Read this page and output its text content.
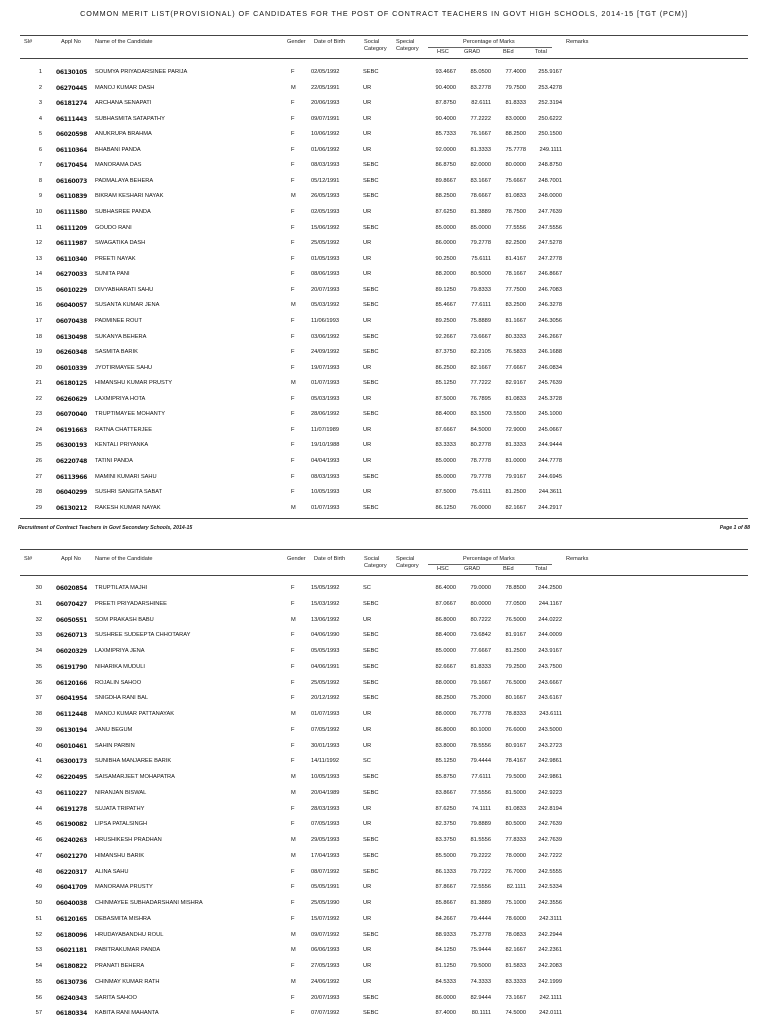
COMMON MERIT LIST(PROVISIONAL) OF CANDIDATES FOR THE POST OF CONTRACT TEACHERS IN GOVT HIGH SCHOOLS, 2014-15 [TGT (PCM)]
Sl#	Appl No	Name of the Candidate	Gender Date of Birth	Social
Category
Special
Category
Percentage of Marks
HSC	GRAD	BEd	Total
Remarks
1 06130105 SOUMYA PRIYADARSINEE PARIJA	F	02/05/1992	SEBC	93.4667	85.0500	77.4000	255.9167
2 06270445 MANOJ KUMAR DASH	M	22/05/1991	UR	90.4000	83.2778	79.7500	253.4278
3 06181274 ARCHANA SENAPATI	F	20/06/1993	UR	87.8750	82.6111	81.8333	252.3194
4 06111443 SUBHASMITA SATAPATHY	F	09/07/1991	UR	90.4000	77.2222	83.0000	250.6222
5 06020598 ANUKRUPA BRAHMA	F	10/06/1992	UR	85.7333	76.1667	88.2500	250.1500
6 06110364 BHABANI PANDA	F	01/06/1992	UR	92.0000	81.3333	75.7778	249.1111
7 06170454 MANORAMA DAS	F	08/03/1993	SEBC	86.8750	82.0000	80.0000	248.8750
8 06160073 PADMALAYA BEHERA	F	05/12/1991	SEBC	89.8667	83.1667	75.6667	248.7001
9 06110839 BIKRAM KESHARI NAYAK	M	26/05/1993	SEBC	88.2500	78.6667	81.0833	248.0000
10 06111580 SUBHASREE PANDA	F	02/05/1993	UR	87.6250	81.3889	78.7500	247.7639
11 06111209 GOUDO RANI	F	15/06/1992	SEBC	85.0000	85.0000	77.5556	247.5556
12 06111987 SWAGATIKA DASH	F	25/05/1992	UR	86.0000	79.2778	82.2500	247.5278
13 06110340 PREETI NAYAK	F	01/05/1993	UR	90.2500	75.6111	81.4167	247.2778
14 06270033 SUNITA PANI	F	08/06/1993	UR	88.2000	80.5000	78.1667	246.8667
15 06010229 DIVYABHARATI SAHU	F	20/07/1993	SEBC	89.1250	79.8333	77.7500	246.7083
16 06040057 SUSANTA KUMAR JENA	M	05/03/1992	SEBC	85.4667	77.6111	83.2500	246.3278
17 06070438 PADMINEE ROUT	F	11/06/1993	UR	89.2500	75.8889	81.1667	246.3056
18 06130498 SUKANYA BEHERA	F	03/06/1992	SEBC	92.2667	73.6667	80.3333	246.2667
19 06260348 SASMITA BARIK	F	24/09/1992	SEBC	87.3750	82.2105	76.5833	246.1688
20 06010339 JYOTIRMAYEE SAHU	F	19/07/1993	UR	86.2500	82.1667	77.6667	246.0834
21 06180125 HIMANSHU KUMAR PRUSTY	M	01/07/1993	SEBC	85.1250	77.7222	82.9167	245.7639
22 06260629 LAXMIPRIYA HOTA	F	05/03/1993	UR	87.5000	76.7895	81.0833	245.3728
23 06070040 TRUPTIMAYEE MOHANTY	F	28/06/1992	SEBC	88.4000	83.1500	73.5500	245.1000
24 06191663 RATNA CHATTERJEE	F	11/07/1989	UR	87.6667	84.5000	72.9000	245.0667
25 06300193 KENTALI PRIYANKA	F	19/10/1988	UR	83.3333	80.2778	81.3333	244.9444
26 06220748 TATINI PANDA	F	04/04/1993	UR	85.0000	78.7778	81.0000	244.7778
27 06113966 MAMINI KUMARI SAHU	F	08/03/1993	SEBC	85.0000	79.7778	79.9167	244.6945
28 06040299 SUSHRI SANGITA SABAT	F	10/05/1993	UR	87.5000	75.6111	81.2500	244.3611
29 06130212 RAKESH KUMAR NAYAK	M	01/07/1993	SEBC	86.1250	76.0000	82.1667	244.2917
Recruitment of Contract Teachers in Govt Secondary Schools, 2014-15	Page 1 of 88
Sl#	Appl No	Name of the Candidate	Gender Date of Birth	Social
Category
Special
Category
Percentage of Marks
HSC	GRAD	BEd	Total
Remarks
30 06020854 TRUPTILATA MAJHI	F	15/05/1992	SC	86.4000	79.0000	78.8500	244.2500
31 06070427 PREETI PRIYADARSHINEE	F	15/03/1992	SEBC	87.0667	80.0000	77.0500	244.1167
32 06050551 SOM PRAKASH BABU	M	13/06/1992	UR	86.8000	80.7222	76.5000	244.0222
33 06260713 SUSHREE SUDEEPTA CHHOTARAY	F	04/06/1990	SEBC	88.4000	73.6842	81.9167	244.0009
34 06020329 LAXMIPRIYA JENA	F	05/05/1993	SEBC	85.0000	77.6667	81.2500	243.9167
35 06191790 NIHARIKA MUDULI	F	04/06/1991	SEBC	82.6667	81.8333	79.2500	243.7500
36 06120166 ROJALIN SAHOO	F	25/05/1992	SEBC	88.0000	79.1667	76.5000	243.6667
37 06041954 SNIGDHA RANI BAL	F	20/12/1992	SEBC	88.2500	75.2000	80.1667	243.6167
38 06112448 MANOJ KUMAR PATTANAYAK	M	01/07/1993	UR	88.0000	76.7778	78.8333	243.6111
39 06130194 JANU BEGUM	F	07/05/1992	UR	86.8000	80.1000	76.6000	243.5000
40 06010461 SAHIN PARBIN	F	30/01/1993	UR	83.8000	78.5556	80.9167	243.2723
41 06300173 SUNIBHA MANJAREE BARIK	F	14/11/1992	SC	85.1250	79.4444	78.4167	242.9861
42 06220495 SAISAMARJEET MOHAPATRA	M	10/05/1993	SEBC	85.8750	77.6111	79.5000	242.9861
43 06110227 NIRANJAN BISWAL	M	20/04/1989	SEBC	83.8667	77.5556	81.5000	242.9223
44 06191278 SUJATA TRIPATHY	F	28/03/1993	UR	87.6250	74.1111	81.0833	242.8194
45 06190082 LIPSA PATALSINGH	F	07/05/1993	UR	82.3750	79.8889	80.5000	242.7639
46 06240263 HRUSHIKESH PRADHAN	M	29/05/1993	SEBC	83.3750	81.5556	77.8333	242.7639
47 06021270 HIMANSHU BARIK	M	17/04/1993	SEBC	85.5000	79.2222	78.0000	242.7222
48 06220317 ALINA SAHU	F	08/07/1992	SEBC	86.1333	79.7222	76.7000	242.5555
49 06041709 MANORAMA PRUSTY	F	05/05/1991	UR	87.8667	72.5556	82.1111	242.5334
50 06040038 CHINMAYEE SUBHADARSHANI MISHRA	F	25/05/1990	UR	85.8667	81.3889	75.1000	242.3556
51 06120165 DEBASMITA MISHRA	F	15/07/1992	UR	84.2667	79.4444	78.6000	242.3111
52 06180096 HRUDAYABANDHU ROUL	M	09/07/1992	SEBC	88.9333	75.2778	78.0833	242.2944
53 06021181 PABITRAKUMAR PANDA	M	06/06/1993	UR	84.1250	75.9444	82.1667	242.2361
54 06180822 PRANATI BEHERA	F	27/05/1993	UR	81.1250	79.5000	81.5833	242.2083
55 06130736 CHINMAY KUMAR RATH	M	24/06/1992	UR	84.5333	74.3333	83.3333	242.1999
56 06240343 SARITA SAHOO	F	20/07/1993	SEBC	86.0000	82.9444	73.1667	242.1111
57 06180334 KABITA RANI MAHANTA	F	07/07/1992	SEBC	87.4000	80.1111	74.5000	242.0111
